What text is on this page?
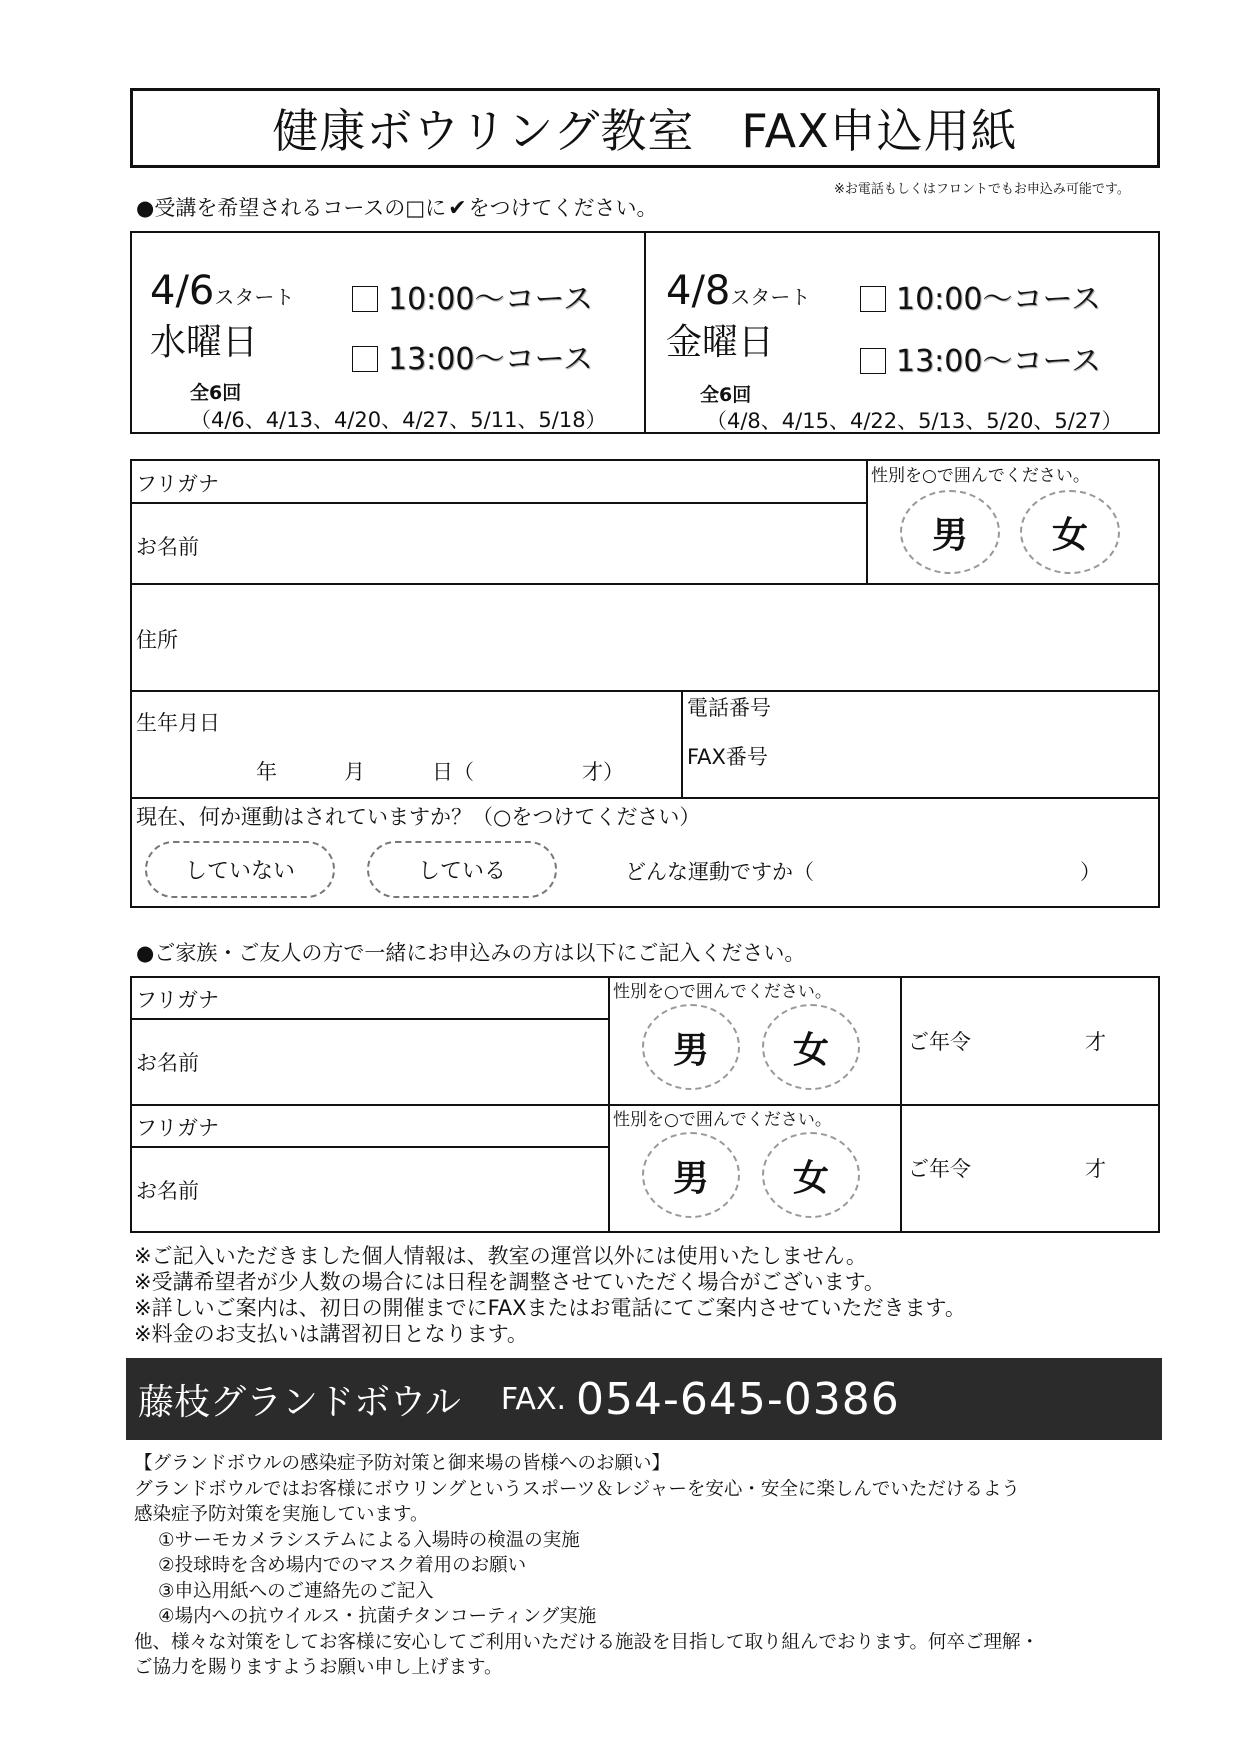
健康ボウリング教室　FAX申込用紙
※お電話もしくはフロントでもお申込み可能です。
●受講を希望されるコースの□に✔をつけてください。
4/6スタート
水曜日
10:00～コース
13:00～コース
全6回
（4/6、4/13、4/20、4/27、5/11、5/18）
4/8スタート
金曜日
10:00～コース
13:00～コース
全6回
（4/8、4/15、4/22、5/13、5/20、5/27）
フリガナ
お名前
性別を○で囲んでください。
男	女
住所
生年月日
年	月	日（	才）
電話番号
FAX番号
現在、何か運動はされていますか？（○をつけてください）
していない	している	どんな運動ですか（	）
●ご家族・ご友人の方で一緒にお申込みの方は以下にご記入ください。
フリガナ
お名前
性別を○で囲んでください。
男	女	ご年令	才
フリガナ
お名前
性別を○で囲んでください。
男	女	ご年令	才
※ご記入いただきました個人情報は、教室の運営以外には使用いたしません。
※受講希望者が少人数の場合には日程を調整させていただく場合がございます。
※詳しいご案内は、初日の開催までにFAXまたはお電話にてご案内させていただきます。
※料金のお支払いは講習初日となります。
藤枝グランドボウル FAX. 054-645-0386
【グランドボウルの感染症予防対策と御来場の皆様へのお願い】
グランドボウルではお客様にボウリングというスポーツ＆レジャーを安心・安全に楽しんでいただけるよう
感染症予防対策を実施しています。
①サーモカメラシステムによる入場時の検温の実施
②投球時を含め場内でのマスク着用のお願い
③申込用紙へのご連絡先のご記入
④場内への抗ウイルス・抗菌チタンコーティング実施
他、様々な対策をしてお客様に安心してご利用いただける施設を目指して取り組んでおります。何卒ご理解・
ご協力を賜りますようお願い申し上げます。
